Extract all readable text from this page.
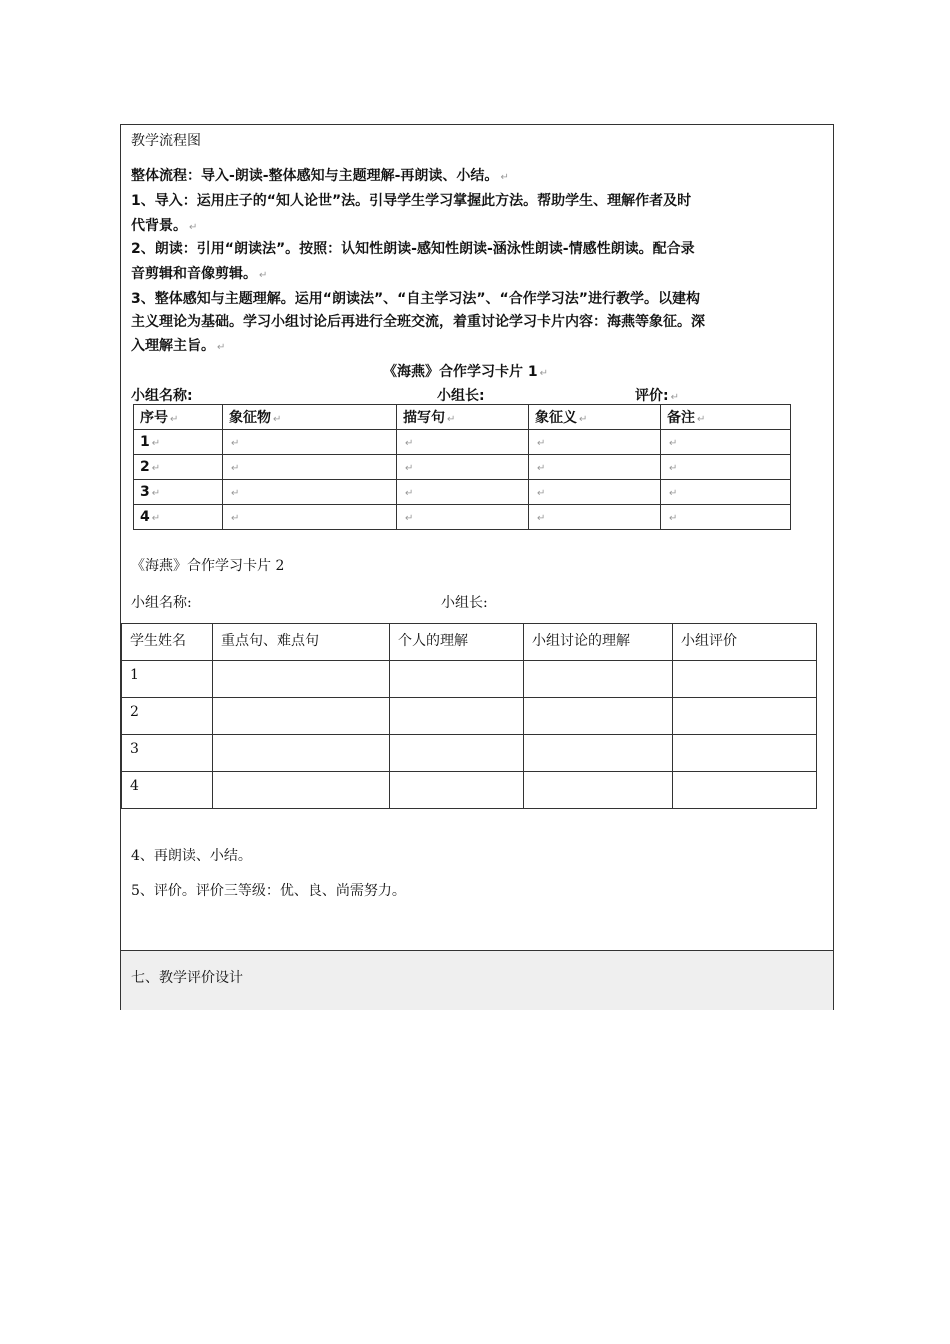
教学流程图
整体流程：导入-朗读-整体感知与主题理解-再朗读、小结。 ↵
1、导入：运用庄子的“知人论世”法。引导学生学习掌握此方法。帮助学生、理解作者及时
代背景。 ↵
2、朗读：引用“朗读法”。按照：认知性朗读-感知性朗读-涵泳性朗读-情感性朗读。配合录
音剪辑和音像剪辑。 ↵
3、整体感知与主题理解。运用“朗读法”、“自主学习法”、“合作学习法”进行教学。以建构
主义理论为基础。学习小组讨论后再进行全班交流，着重讨论学习卡片内容：海燕等象征。深
入理解主旨。 ↵
《海燕》合作学习卡片 1 ↵
小组名称:	小组长:	评价: ↵
序号 ↵	象征物 ↵	描写句 ↵	象征义 ↵	备注 ↵
1 ↵	↵	↵	↵	↵
2 ↵	↵	↵	↵	↵
3 ↵	↵	↵	↵	↵
4 ↵	↵	↵	↵	↵
《海燕》合作学习卡片 2
小组名称:	小组长:
学生姓名	重点句、难点句	个人的理解	小组讨论的理解	小组评价
1				
2				
3				
4				
4、再朗读、小结。
5、评价。评价三等级：优、良、尚需努力。
七、教学评价设计
